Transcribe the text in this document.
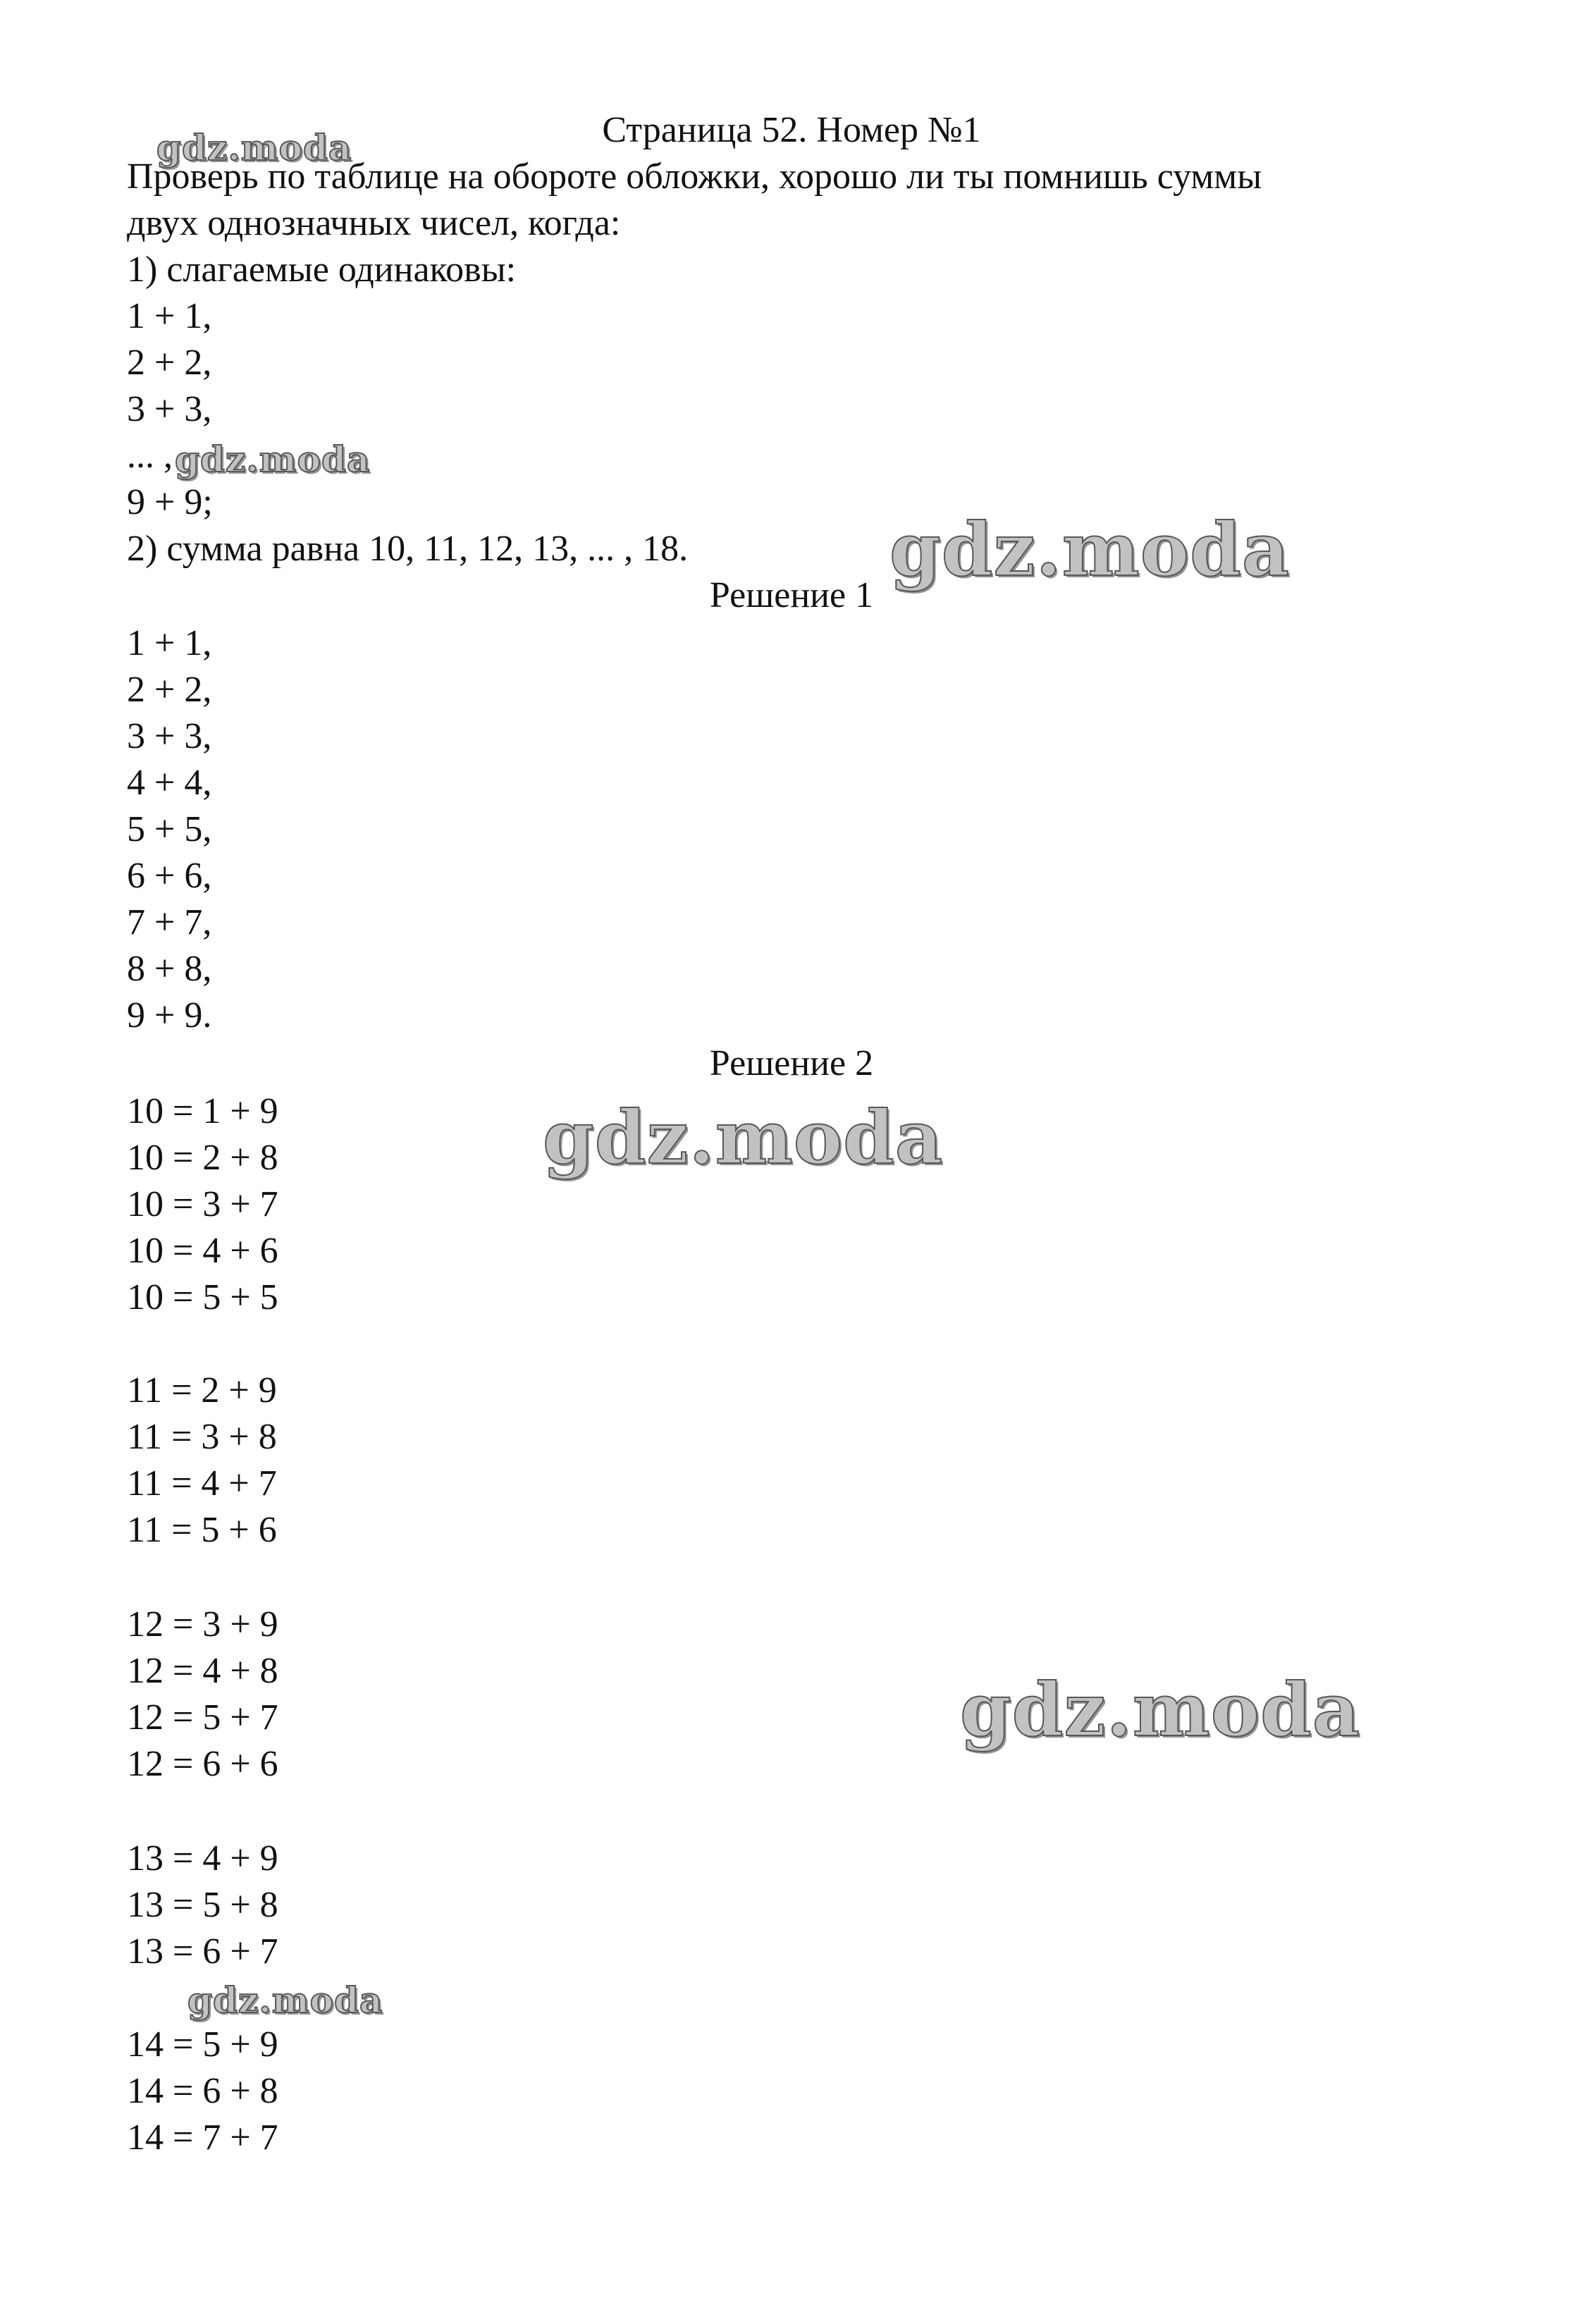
Страница 52. Номер №1
Проверь по таблице на обороте обложки, хорошо ли ты помнишь суммы
двух однозначных чисел, когда:
1) слагаемые одинаковы:
1 + 1,
2 + 2,
3 + 3,
... ,
9 + 9;
2) сумма равна 10, 11, 12, 13, ... , 18.
Решение 1
1 + 1,
2 + 2,
3 + 3,
4 + 4,
5 + 5,
6 + 6,
7 + 7,
8 + 8,
9 + 9.
Решение 2
10 = 1 + 9
10 = 2 + 8
10 = 3 + 7
10 = 4 + 6
10 = 5 + 5
11 = 2 + 9
11 = 3 + 8
11 = 4 + 7
11 = 5 + 6
12 = 3 + 9
12 = 4 + 8
12 = 5 + 7
12 = 6 + 6
13 = 4 + 9
13 = 5 + 8
13 = 6 + 7
14 = 5 + 9
14 = 6 + 8
14 = 7 + 7
gdz.moda
gdz.moda
gdz.moda
gdz.moda
gdz.moda
gdz.moda
